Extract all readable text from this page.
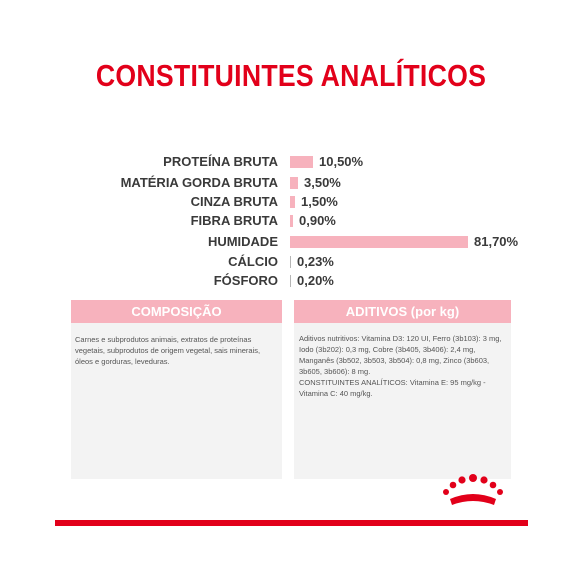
CONSTITUINTES ANALÍTICOS
PROTEÍNA BRUTA	10,50%
MATÉRIA GORDA BRUTA 3,50%
CINZA BRUTA 1,50%
FIBRA BRUTA 0,90%
HUMIDADE	81,70%
CÁLCIO 0,23%
FÓSFORO 0,20%
COMPOSIÇÃO
Carnes e subprodutos animais, extratos de proteínas vegetais, subprodutos de origem vegetal, sais minerais, óleos e gorduras, leveduras.
ADITIVOS (por kg)
Aditivos nutritivos: Vitamina D3: 120 UI, Ferro (3b103): 3 mg, Iodo (3b202): 0,3 mg, Cobre (3b405, 3b406): 2,4 mg, Manganês (3b502, 3b503, 3b504): 0,8 mg, Zinco (3b603, 3b605, 3b606): 8 mg.
CONSTITUINTES ANALÍTICOS: Vitamina E: 95 mg/kg - Vitamina C: 40 mg/kg.
